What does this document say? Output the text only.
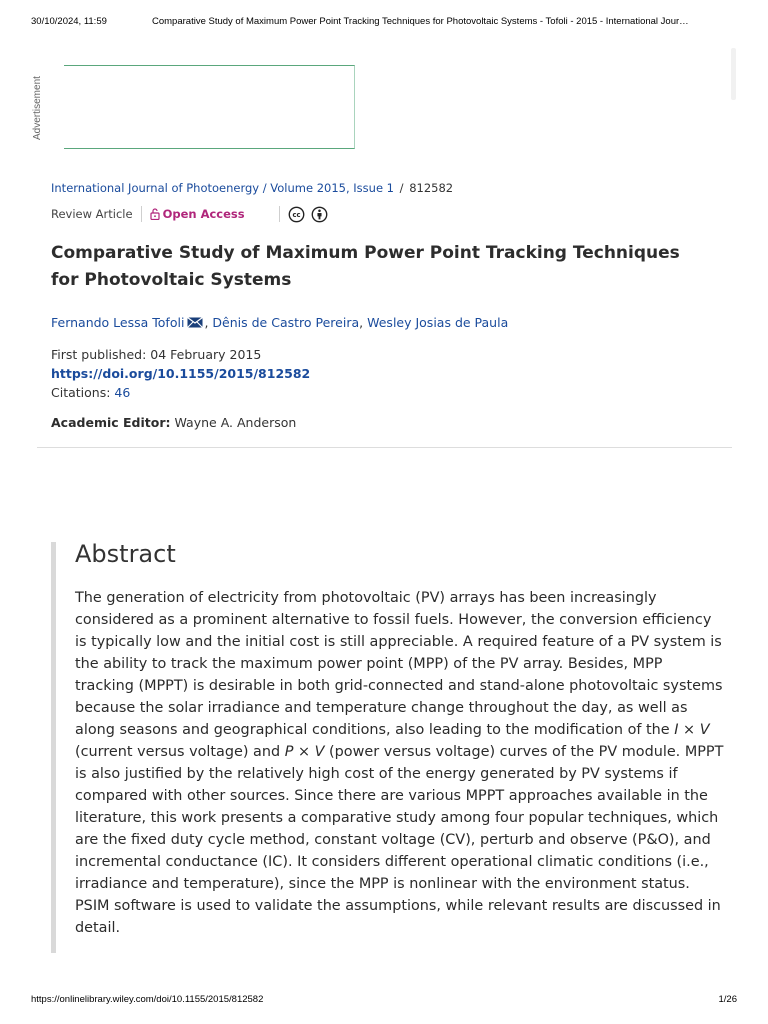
30/10/2024, 11:59	Comparative Study of Maximum Power Point Tracking Techniques for Photovoltaic Systems - Tofoli - 2015 - International Jour…
Advertisement
International Journal of Photoenergy / Volume 2015, Issue 1 / 812582
Review Article	Open Access	cc
Comparative Study of Maximum Power Point Tracking Techniques for Photovoltaic Systems
Fernando Lessa Tofoli , Dênis de Castro Pereira , Wesley Josias de Paula
First published: 04 February 2015
https://doi.org/10.1155/2015/812582
Citations: 46
Academic Editor: Wayne A. Anderson
Abstract

The generation of electricity from photovoltaic (PV) arrays has been increasingly considered as a prominent alternative to fossil fuels. However, the conversion efficiency is typically low and the initial cost is still appreciable. A required feature of a PV system is the ability to track the maximum power point (MPP) of the PV array. Besides, MPP tracking (MPPT) is desirable in both grid-connected and stand-alone photovoltaic systems because the solar irradiance and temperature change throughout the day, as well as along seasons and geographical conditions, also leading to the modification of the I × V (current versus voltage) and P × V (power versus voltage) curves of the PV module. MPPT is also justified by the relatively high cost of the energy generated by PV systems if compared with other sources. Since there are various MPPT approaches available in the literature, this work presents a comparative study among four popular techniques, which are the fixed duty cycle method, constant voltage (CV), perturb and observe (P&O), and incremental conductance (IC). It considers different operational climatic conditions (i.e., irradiance and temperature), since the MPP is nonlinear with the environment status. PSIM software is used to validate the assumptions, while relevant results are discussed in detail.

https://onlinelibrary.wiley.com/doi/10.1155/2015/812582	1/26
